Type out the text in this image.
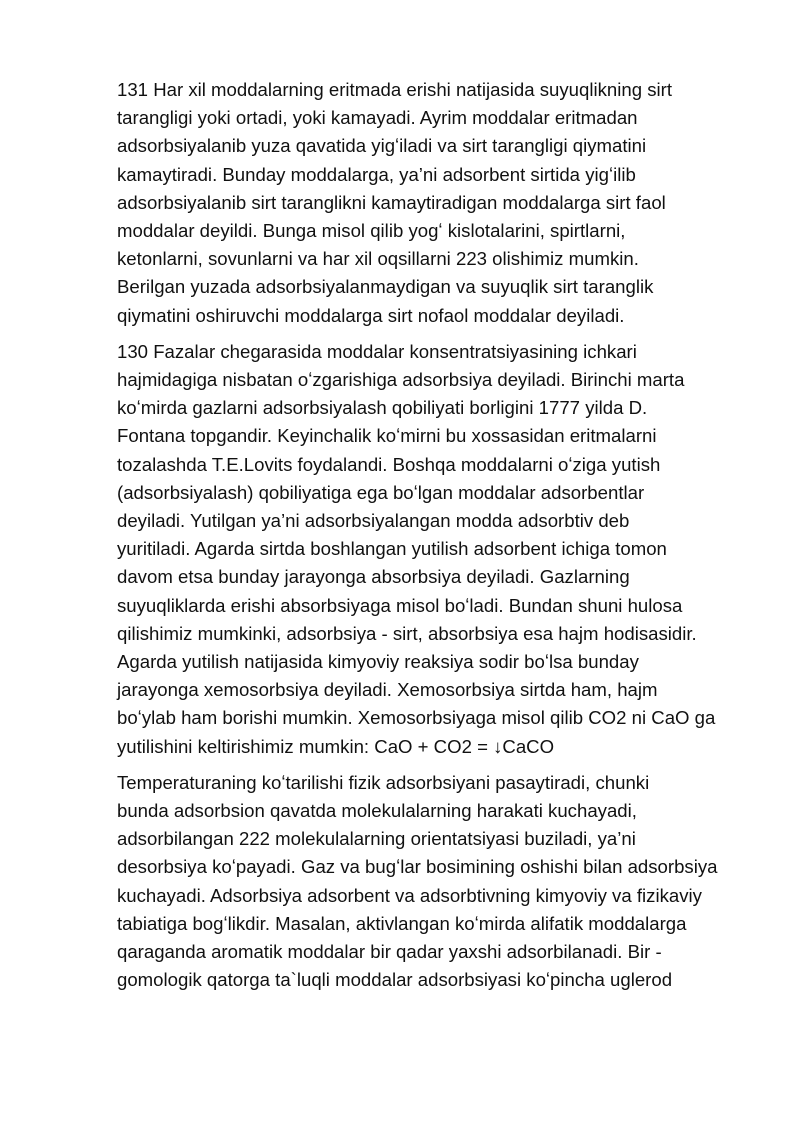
131 Har xil moddalarning eritmada erishi natijasida suyuqlikning sirt
tarangligi yoki ortadi, yoki kamayadi. Ayrim moddalar eritmadan
adsorbsiyalanib yuza qavatida yigʻiladi va sirt tarangligi qiymatini
kamaytiradi. Bunday moddalarga, ya’ni adsorbent sirtida yigʻilib
adsorbsiyalanib sirt taranglikni kamaytiradigan moddalarga sirt faol
moddalar deyildi. Bunga misol qilib yogʻ kislotalarini, spirtlarni,
ketonlarni, sovunlarni va har xil oqsillarni 223 olishimiz mumkin.
Berilgan yuzada adsorbsiyalanmaydigan va suyuqlik sirt taranglik
qiymatini oshiruvchi moddalarga sirt nofaol moddalar deyiladi.

130 Fazalar chegarasida moddalar konsentratsiyasining ichkari
hajmidagiga nisbatan oʻzgarishiga adsorbsiya deyiladi. Birinchi marta
koʻmirda gazlarni adsorbsiyalash qobiliyati borligini 1777 yilda D.
Fontana topgandir. Keyinchalik koʻmirni bu xossasidan eritmalarni
tozalashda T.E.Lovits foydalandi. Boshqa moddalarni oʻziga yutish
(adsorbsiyalash) qobiliyatiga ega boʻlgan moddalar adsorbentlar
deyiladi. Yutilgan ya’ni adsorbsiyalangan modda adsorbtiv deb
yuritiladi. Agarda sirtda boshlangan yutilish adsorbent ichiga tomon
davom etsa bunday jarayonga absorbsiya deyiladi. Gazlarning
suyuqliklarda erishi absorbsiyaga misol boʻladi. Bundan shuni hulosa
qilishimiz mumkinki, adsorbsiya - sirt, absorbsiya esa hajm hodisasidir.
Agarda yutilish natijasida kimyoviy reaksiya sodir boʻlsa bunday
jarayonga xemosorbsiya deyiladi. Xemosorbsiya sirtda ham, hajm
boʻylab ham borishi mumkin. Xemosorbsiyaga misol qilib CO2 ni CaO ga
yutilishini keltirishimiz mumkin: CaO + CO2 = ↓CaCO

Temperaturaning koʻtarilishi fizik adsorbsiyani pasaytiradi, chunki
bunda adsorbsion qavatda molekulalarning harakati kuchayadi,
adsorbilangan 222 molekulalarning orientatsiyasi buziladi, ya’ni
desorbsiya koʻpayadi. Gaz va bugʻlar bosimining oshishi bilan adsorbsiya
kuchayadi. Adsorbsiya adsorbent va adsorbtivning kimyoviy va fizikaviy
tabiatiga bogʻlikdir. Masalan, aktivlangan koʻmirda alifatik moddalarga
qaraganda aromatik moddalar bir qadar yaxshi adsorbilanadi. Bir -
gomologik qatorga ta`luqli moddalar adsorbsiyasi koʻpincha uglerod
